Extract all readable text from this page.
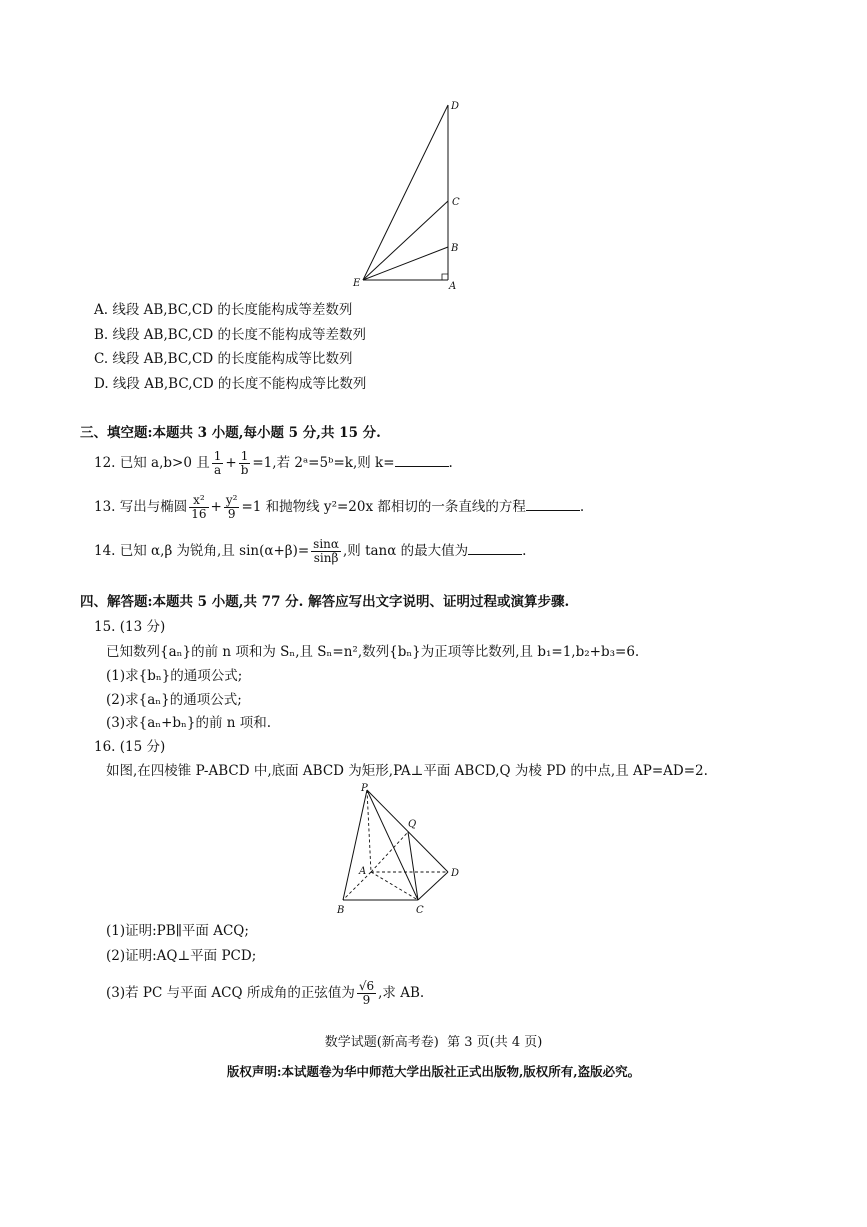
D
C
B
E	A
A. 线段 AB,BC,CD 的长度能构成等差数列
B. 线段 AB,BC,CD 的长度不能构成等差数列
C. 线段 AB,BC,CD 的长度能构成等比数列
D. 线段 AB,BC,CD 的长度不能构成等比数列
三、填空题:本题共 3 小题,每小题 5 分,共 15 分.
12. 已知 a,b>0 且 $\frac{1}{a} + \frac{1}{b} =1$,若 2ᵃ=5ᵇ=k,则 k=	.
13. 写出与椭圆 $\frac{\text{x²}}{16} + \frac{\text{y²}}{9} =1$ 和抛物线 y²=20x 都相切的一条直线的方程	.
14. 已知 α,β 为锐角,且 $\sin(\alpha+\beta)= \frac{\sin\alpha}{\sin\beta}$ ,则 tanα 的最大值为	.
四、解答题:本题共 5 小题,共 77 分. 解答应写出文字说明、证明过程或演算步骤.
15. (13 分)
已知数列{aₙ}的前 n 项和为 Sₙ,且 Sₙ=n²,数列{bₙ}为正项等比数列,且 b₁=1,b₂+b₃=6.
(1)求{bₙ}的通项公式;
(2)求{aₙ}的通项公式;
(3)求{aₙ+bₙ}的前 n 项和.
16. (15 分)
如图,在四棱锥 P-ABCD 中,底面 ABCD 为矩形,PA⊥平面 ABCD,Q 为棱 PD 的中点,且 AP=AD=2.
P
Q
A	D
B	C
(1)证明:PB∥平面 ACQ;
(2)证明:AQ⊥平面 PCD;
(3)若 PC 与平面 ACQ 所成角的正弦值为 $\frac{√6}{9}$ ,求 AB.
数学试题(新高考卷)  第 3 页(共 4 页)
版权声明:本试题卷为华中师范大学出版社正式出版物,版权所有,盗版必究。
